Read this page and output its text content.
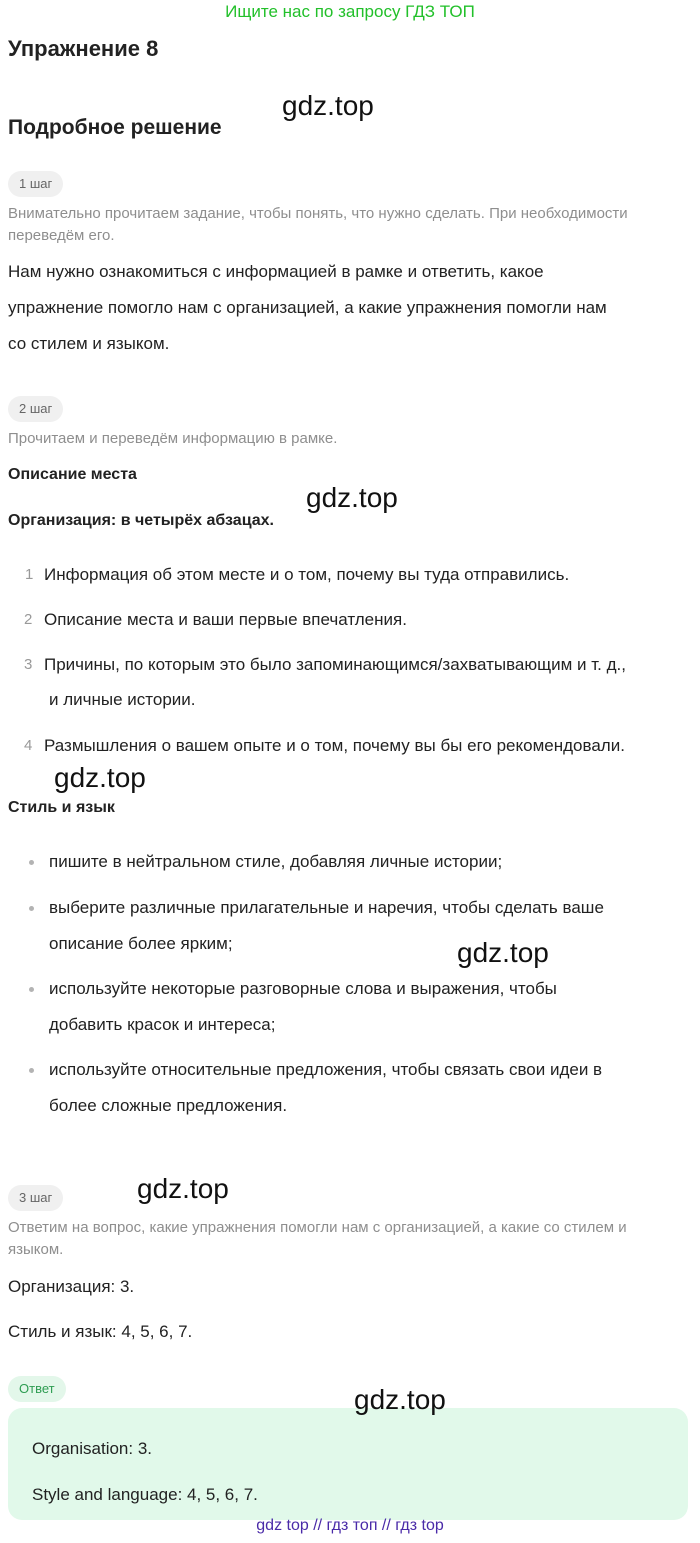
Ищите нас по запросу ГДЗ ТОП
Упражнение 8
gdz.top
Подробное решение
1 шаг
Внимательно прочитаем задание, чтобы понять, что нужно сделать. При необходимости
переведём его.
Нам нужно ознакомиться с информацией в рамке и ответить, какое
упражнение помогло нам с организацией, а какие упражнения помогли нам
со стилем и языком.
2 шаг
Прочитаем и переведём информацию в рамке.
Описание места
gdz.top
Организация: в четырёх абзацах.
1 Информация об этом месте и о том, почему вы туда отправились.
2 Описание места и ваши первые впечатления.
3 Причины, по которым это было запоминающимся/захватывающим и т. д.,
и личные истории.
4 Размышления о вашем опыте и о том, почему вы бы его рекомендовали.
gdz.top
Стиль и язык
пишите в нейтральном стиле, добавляя личные истории;
выберите различные прилагательные и наречия, чтобы сделать ваше
описание более ярким;	gdz.top
используйте некоторые разговорные слова и выражения, чтобы
добавить красок и интереса;
используйте относительные предложения, чтобы связать свои идеи в
более сложные предложения.
3 шаг	gdz.top
Ответим на вопрос, какие упражнения помогли нам с организацией, а какие со стилем и
языком.
Организация: 3.
Стиль и язык: 4, 5, 6, 7.
Ответ	gdz.top
Organisation: 3.
Style and language: 4, 5, 6, 7.
gdz top // гдз топ // гдз top
